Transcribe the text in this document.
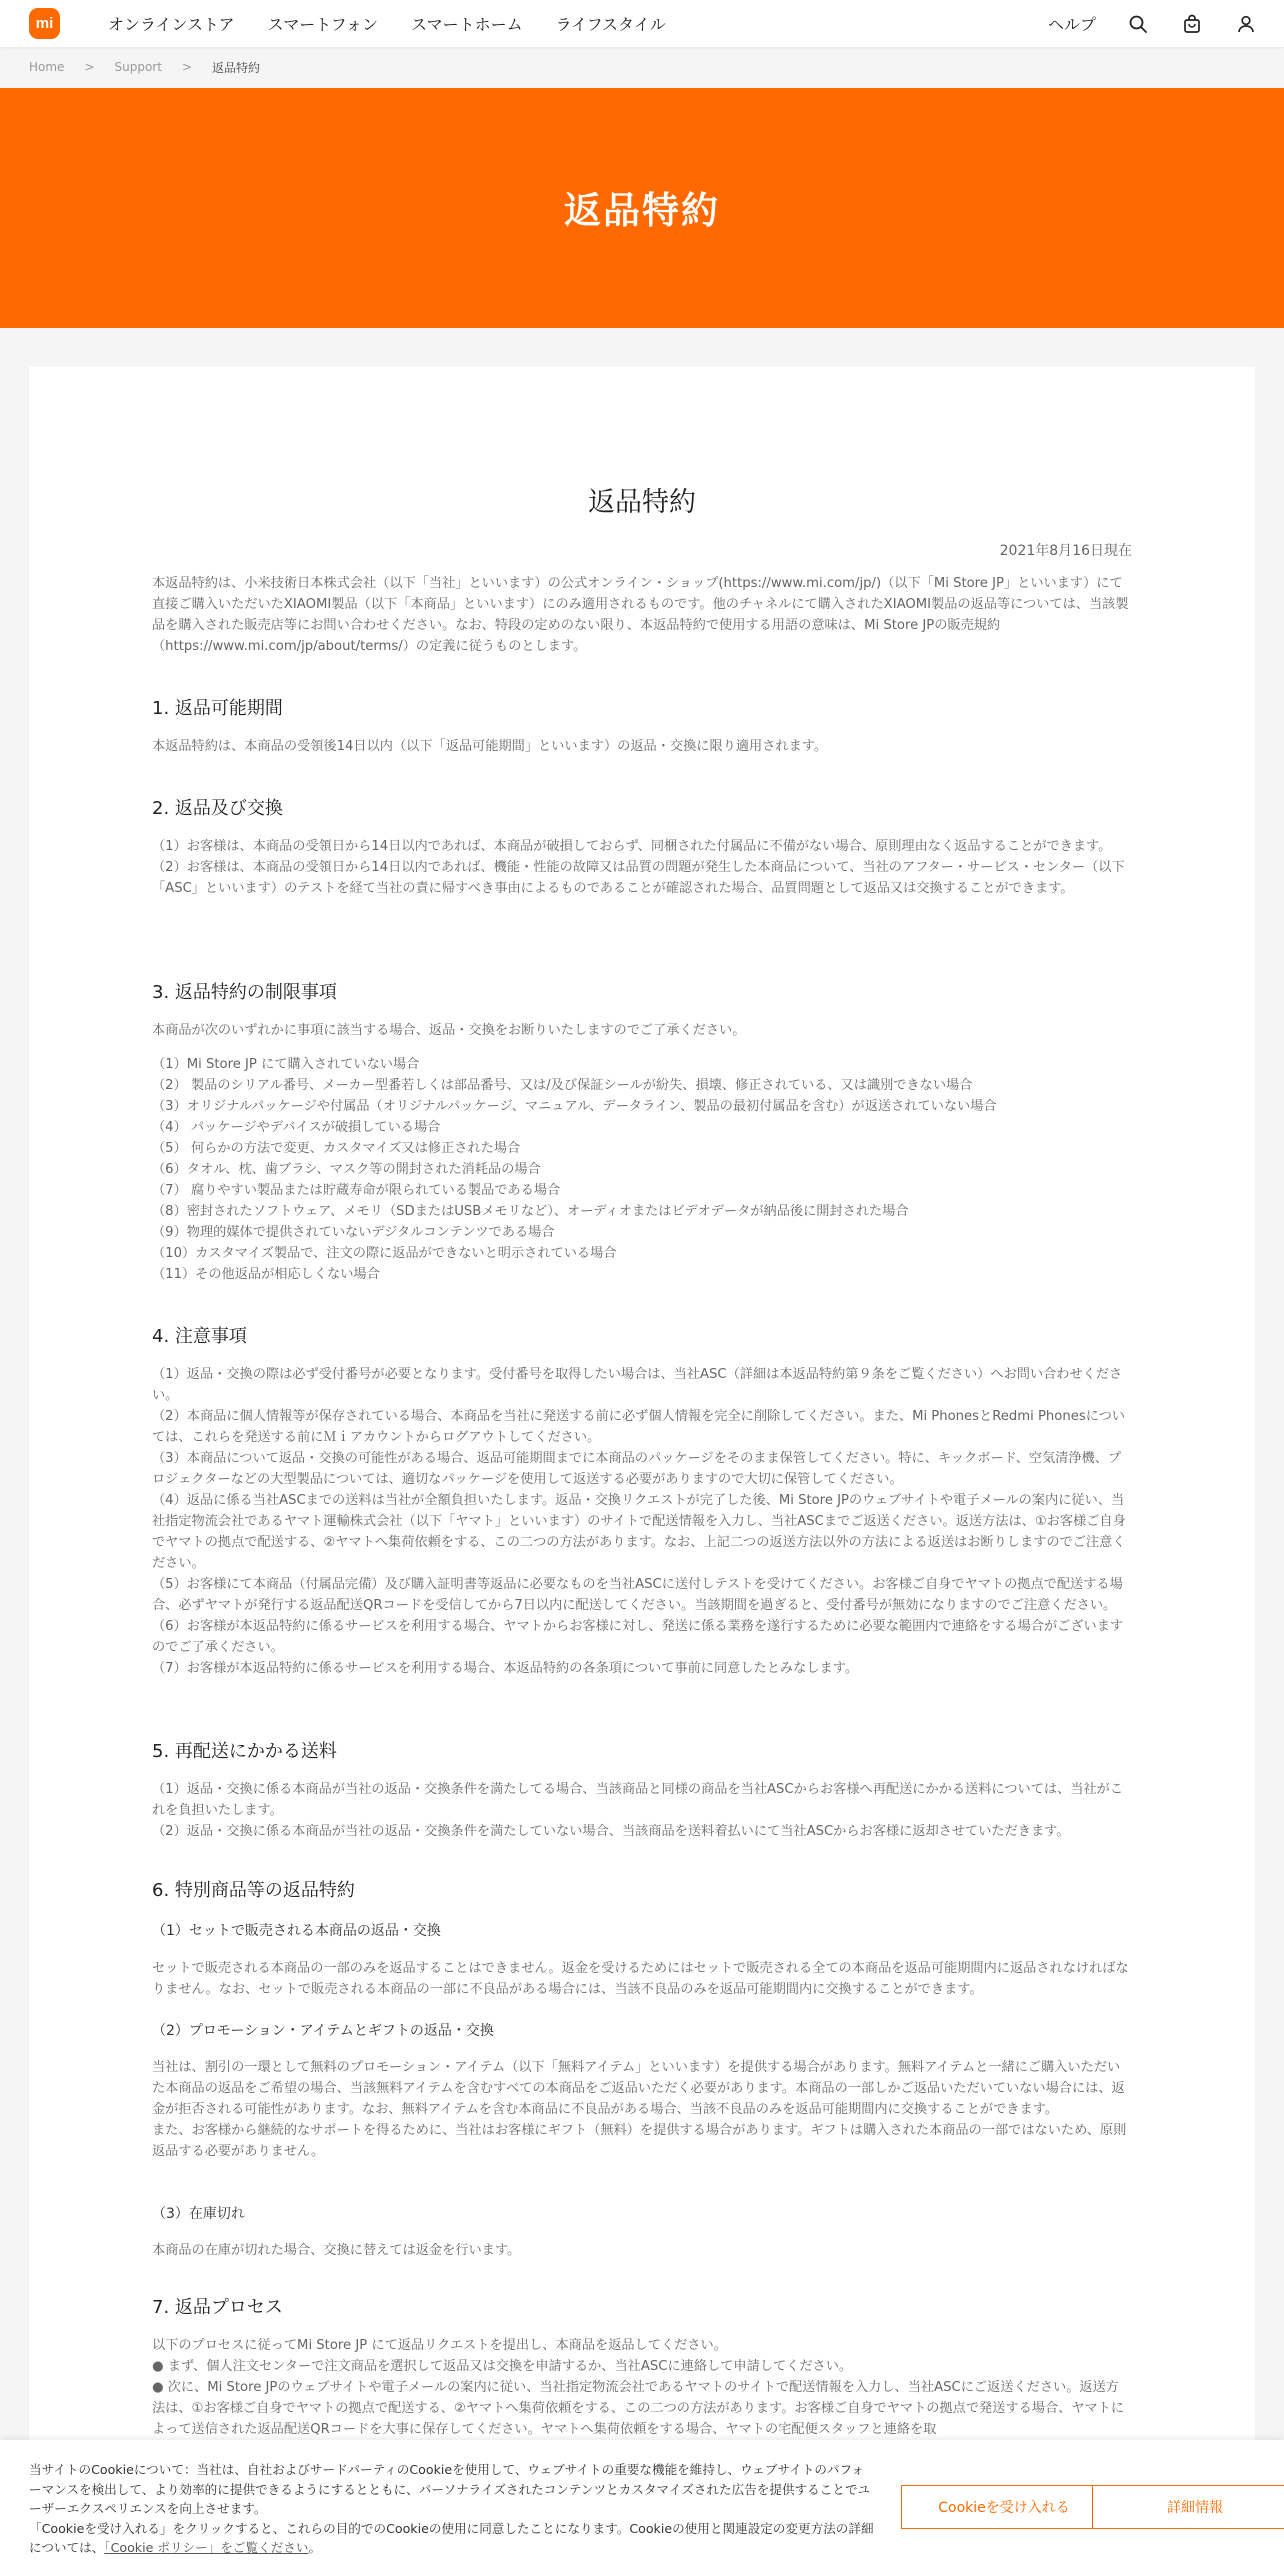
mi	オンラインストア スマートフォン スマートホーム ライフスタイル	ヘルプ
Home > Support > 返品特約
返品特約
返品特約
2021年8月16日現在
本返品特約は、小米技術日本株式会社（以下「当社」といいます）の公式オンライン・ショップ(https://www.mi.com/jp/)（以下「Mi Store JP」といいます）にて直接ご購入いただいたXIAOMI製品（以下「本商品」といいます）にのみ適用されるものです。他のチャネルにて購入されたXIAOMI製品の返品等については、当該製品を購入された販売店等にお問い合わせください。なお、特段の定めのない限り、本返品特約で使用する用語の意味は、Mi Store JPの販売規約（https://www.mi.com/jp/about/terms/）の定義に従うものとします。
1. 返品可能期間
本返品特約は、本商品の受領後14日以内（以下「返品可能期間」といいます）の返品・交換に限り適用されます。
2. 返品及び交換
（1）お客様は、本商品の受領日から14日以内であれば、本商品が破損しておらず、同梱された付属品に不備がない場合、原則理由なく返品することができます。
（2）お客様は、本商品の受領日から14日以内であれば、機能・性能の故障又は品質の問題が発生した本商品について、当社のアフター・サービス・センター（以下「ASC」といいます）のテストを経て当社の責に帰すべき事由によるものであることが確認された場合、品質問題として返品又は交換することができます。
3. 返品特約の制限事項
本商品が次のいずれかに事項に該当する場合、返品・交換をお断りいたしますのでご了承ください。

（1）Mi Store JP にて購入されていない場合

（2） 製品のシリアル番号、メーカー型番若しくは部品番号、又は/及び保証シールが紛失、損壊、修正されている、又は識別できない場合

（3）オリジナルパッケージや付属品（オリジナルパッケージ、マニュアル、データライン、製品の最初付属品を含む）が返送されていない場合

（4） パッケージやデバイスが破損している場合

（5） 何らかの方法で変更、カスタマイズ又は修正された場合

（6）タオル、枕、歯ブラシ、マスク等の開封された消耗品の場合

（7） 腐りやすい製品または貯蔵寿命が限られている製品である場合

（8）密封されたソフトウェア、メモリ（SDまたはUSBメモリなど）、オーディオまたはビデオデータが納品後に開封された場合

（9）物理的媒体で提供されていないデジタルコンテンツである場合

（10）カスタマイズ製品で、注文の際に返品ができないと明示されている場合

（11）その他返品が相応しくない場合

4. 注意事項

（1）返品・交換の際は必ず受付番号が必要となります。受付番号を取得したい場合は、当社ASC（詳細は本返品特約第９条をご覧ください）へお問い合わせください。

（2）本商品に個人情報等が保存されている場合、本商品を当社に発送する前に必ず個人情報を完全に削除してください。また、Mi PhonesとRedmi Phonesについては、これらを発送する前にＭｉアカウントからログアウトしてください。

（3）本商品について返品・交換の可能性がある場合、返品可能期間までに本商品のパッケージをそのまま保管してください。特に、キックボード、空気清浄機、プロジェクターなどの大型製品については、適切なパッケージを使用して返送する必要がありますので大切に保管してください。

（4）返品に係る当社ASCまでの送料は当社が全額負担いたします。返品・交換リクエストが完了した後、Mi Store JPのウェブサイトや電子メールの案内に従い、当社指定物流会社であるヤマト運輸株式会社（以下「ヤマト」といいます）のサイトで配送情報を入力し、当社ASCまでご返送ください。返送方法は、①お客様ご自身でヤマトの拠点で配送する、②ヤマトへ集荷依頼をする、この二つの方法があります。なお、上記二つの返送方法以外の方法による返送はお断りしますのでご注意ください。

（5）お客様にて本商品（付属品完備）及び購入証明書等返品に必要なものを当社ASCに送付しテストを受けてください。お客様ご自身でヤマトの拠点で配送する場合、必ずヤマトが発行する返品配送QRコードを受信してから7日以内に配送してください。当該期間を過ぎると、受付番号が無効になりますのでご注意ください。

（6）お客様が本返品特約に係るサービスを利用する場合、ヤマトからお客様に対し、発送に係る業務を遂行するために必要な範囲内で連絡をする場合がございますのでご了承ください。

（7）お客様が本返品特約に係るサービスを利用する場合、本返品特約の各条項について事前に同意したとみなします。

5. 再配送にかかる送料
（1）返品・交換に係る本商品が当社の返品・交換条件を満たしてる場合、当該商品と同様の商品を当社ASCからお客様へ再配送にかかる送料については、当社がこれを負担いたします。
（2）返品・交換に係る本商品が当社の返品・交換条件を満たしていない場合、当該商品を送料着払いにて当社ASCからお客様に返却させていただきます。
6. 特別商品等の返品特約
（1）セットで販売される本商品の返品・交換
セットで販売される本商品の一部のみを返品することはできません。返金を受けるためにはセットで販売される全ての本商品を返品可能期間内に返品されなければなりません。なお、セットで販売される本商品の一部に不良品がある場合には、当該不良品のみを返品可能期間内に交換することができます。
（2）プロモーション・アイテムとギフトの返品・交換
当社は、割引の一環として無料のプロモーション・アイテム（以下「無料アイテム」といいます）を提供する場合があります。無料アイテムと一緒にご購入いただいた本商品の返品をご希望の場合、当該無料アイテムを含むすべての本商品をご返品いただく必要があります。本商品の一部しかご返品いただいていない場合には、返金が拒否される可能性があります。なお、無料アイテムを含む本商品に不良品がある場合、当該不良品のみを返品可能期間内に交換することができます。
また、お客様から継続的なサポートを得るために、当社はお客様にギフト（無料）を提供する場合があります。ギフトは購入された本商品の一部ではないため、原則返品する必要がありません。
（3）在庫切れ
本商品の在庫が切れた場合、交換に替えては返金を行います。
7. 返品プロセス
以下のプロセスに従ってMi Store JP にて返品リクエストを提出し、本商品を返品してください。
● まず、個人注文センターで注文商品を選択して返品又は交換を申請するか、当社ASCに連絡して申請してください。
● 次に、Mi Store JPのウェブサイトや電子メールの案内に従い、当社指定物流会社であるヤマトのサイトで配送情報を入力し、当社ASCにご返送ください。返送方法は、①お客様ご自身でヤマトの拠点で配送する、②ヤマトへ集荷依頼をする、この二つの方法があります。お客様ご自身でヤマトの拠点で発送する場合、ヤマトによって送信された返品配送QRコードを大事に保存してください。ヤマトへ集荷依頼をする場合、ヤマトの宅配便スタッフと連絡を取
当サイトのCookieについて：当社は、自社およびサードパーティのCookieを使用して、ウェブサイトの重要な機能を維持し、ウェブサイトのパフォーマンスを検出して、より効率的に提供できるようにするとともに、パーソナライズされたコンテンツとカスタマイズされた広告を提供することでユーザーエクスペリエンスを向上させます。
「Cookieを受け入れる」をクリックすると、これらの目的でのCookieの使用に同意したことになります。Cookieの使用と関連設定の変更方法の詳細については、「Cookie ポリシー」をご覧ください。
Cookieを受け入れる	詳細情報
